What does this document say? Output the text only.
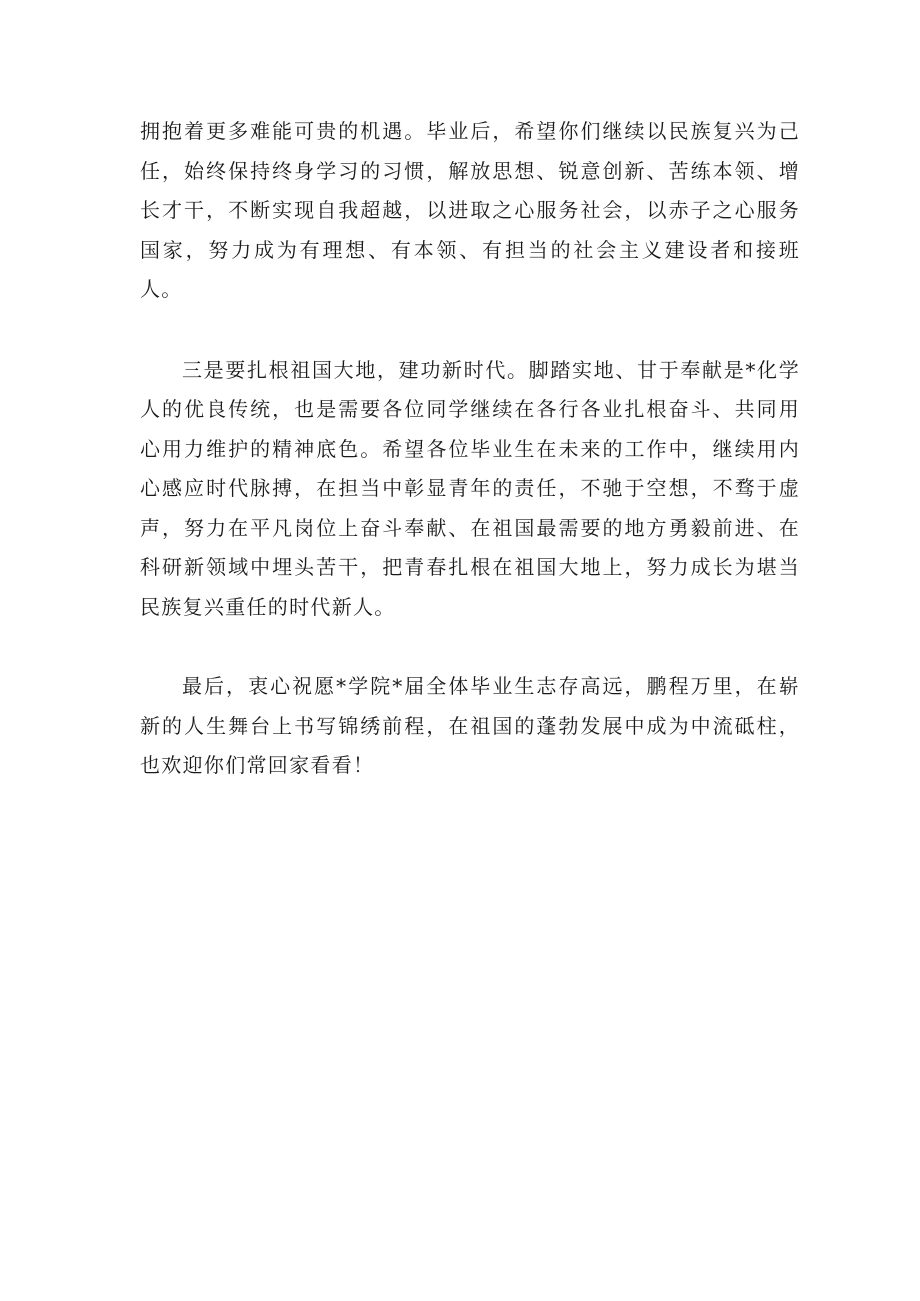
拥抱着更多难能可贵的机遇。毕业后，希望你们继续以民族复兴为己任，始终保持终身学习的习惯，解放思想、锐意创新、苦练本领、增长才干，不断实现自我超越，以进取之心服务社会，以赤子之心服务国家，努力成为有理想、有本领、有担当的社会主义建设者和接班人。

三是要扎根祖国大地，建功新时代。脚踏实地、甘于奉献是*化学人的优良传统，也是需要各位同学继续在各行各业扎根奋斗、共同用心用力维护的精神底色。希望各位毕业生在未来的工作中，继续用内心感应时代脉搏，在担当中彰显青年的责任，不驰于空想，不骛于虚声，努力在平凡岗位上奋斗奉献、在祖国最需要的地方勇毅前进、在科研新领域中埋头苦干，把青春扎根在祖国大地上，努力成长为堪当民族复兴重任的时代新人。

最后，衷心祝愿*学院*届全体毕业生志存高远，鹏程万里，在崭新的人生舞台上书写锦绣前程，在祖国的蓬勃发展中成为中流砥柱，也欢迎你们常回家看看！
